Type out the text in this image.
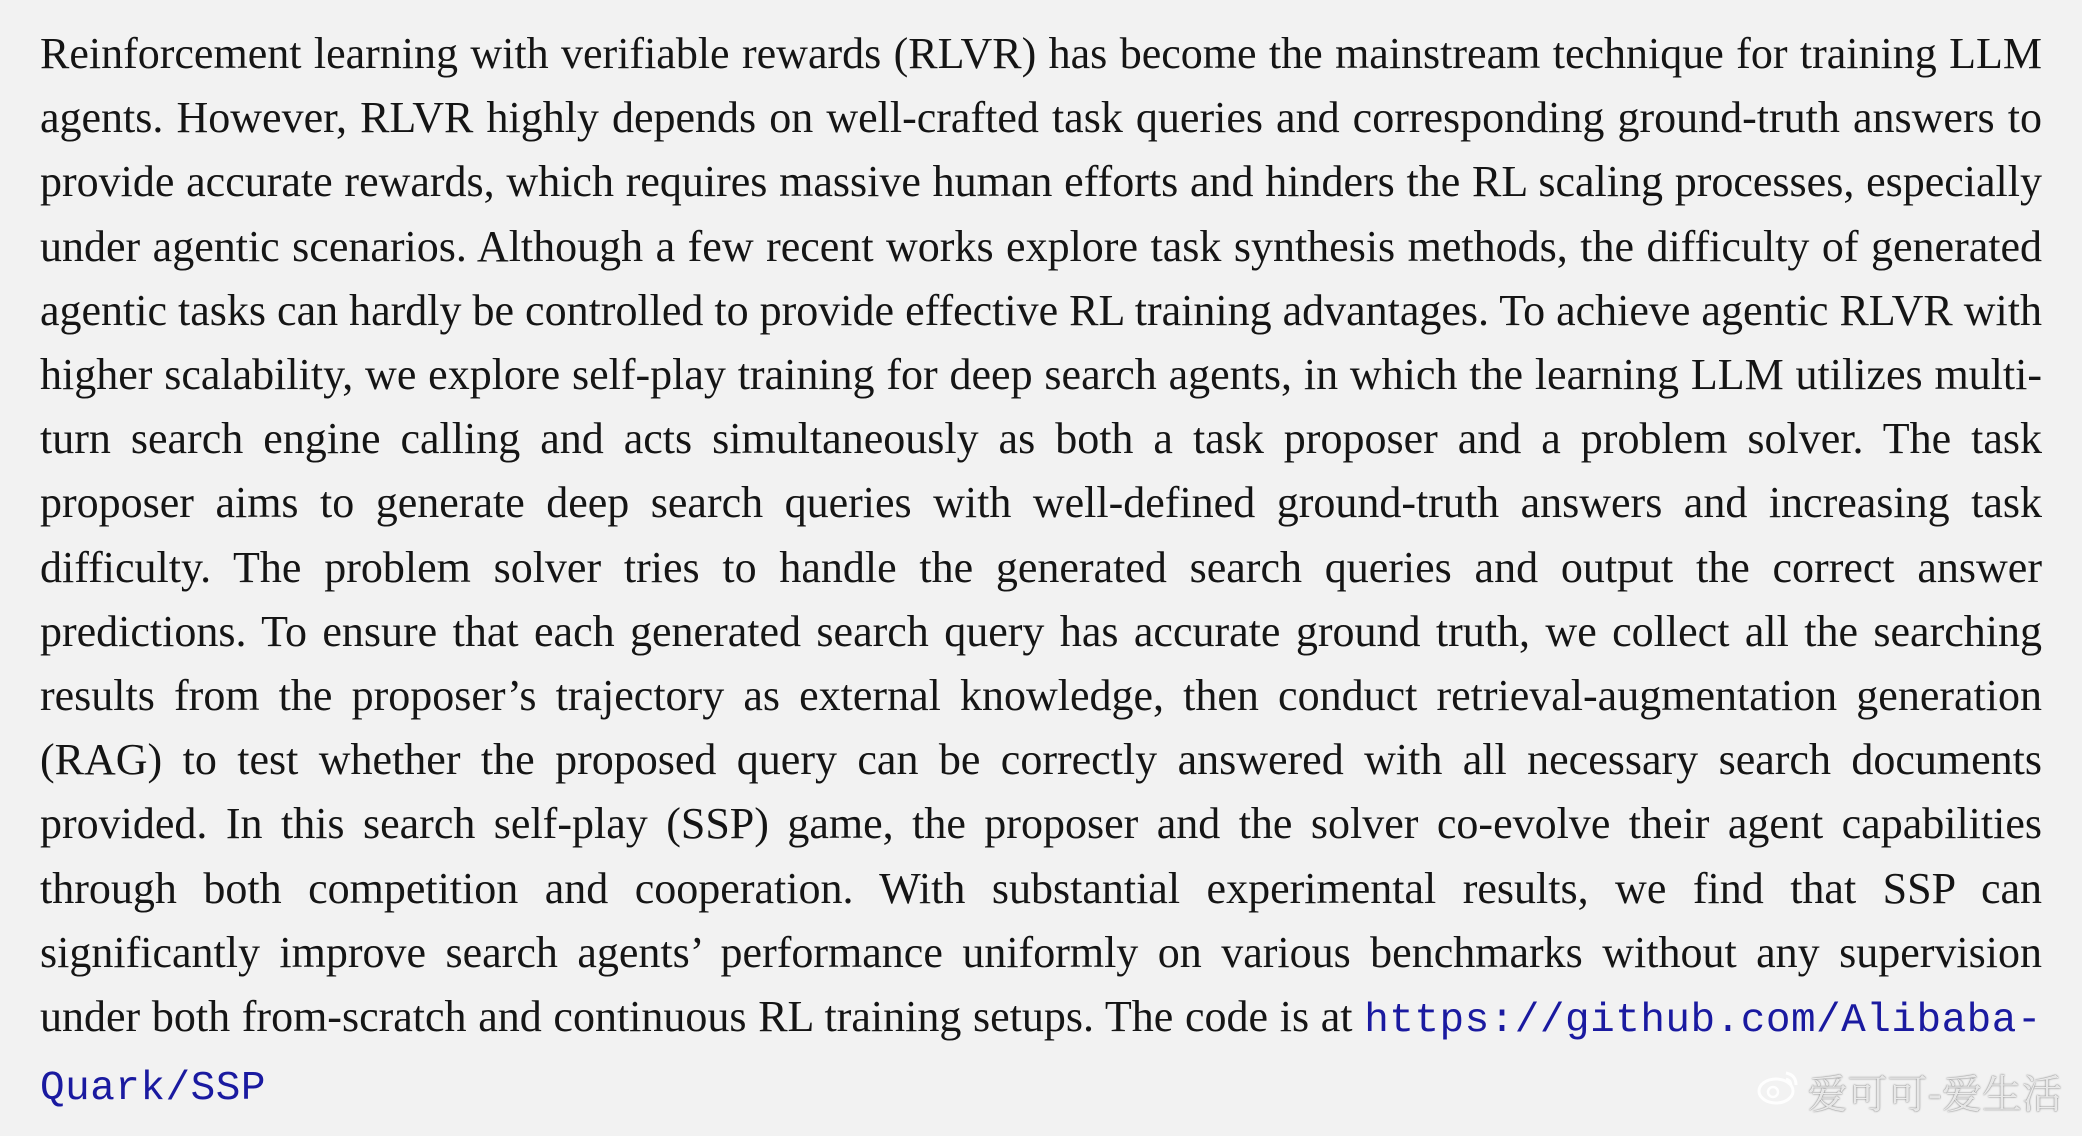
Reinforcement learning with verifiable rewards (RLVR) has become the mainstream technique for training LLM agents. However, RLVR highly depends on well-crafted task queries and corresponding ground-truth answers to provide accurate rewards, which requires massive human efforts and hinders the RL scaling processes, especially under agentic scenarios. Although a few recent works explore task synthesis methods, the difficulty of generated agentic tasks can hardly be controlled to provide effective RL training advantages. To achieve agentic RLVR with higher scalability, we explore self-play training for deep search agents, in which the learning LLM utilizes multi-turn search engine calling and acts simultaneously as both a task proposer and a problem solver. The task proposer aims to generate deep search queries with well-defined ground-truth answers and increasing task difficulty. The problem solver tries to handle the generated search queries and output the correct answer predictions. To ensure that each generated search query has accurate ground truth, we collect all the searching results from the proposer’s trajectory as external knowledge, then conduct retrieval-augmentation generation (RAG) to test whether the proposed query can be correctly answered with all necessary search documents provided. In this search self-play (SSP) game, the proposer and the solver co-evolve their agent capabilities through both competition and cooperation. With substantial experimental results, we find that SSP can significantly improve search agents’ performance uniformly on various benchmarks without any supervision under both from-scratch and continuous RL training setups. The code is at https://github.com/Alibaba-Quark/SSP	爱可可-爱生活
